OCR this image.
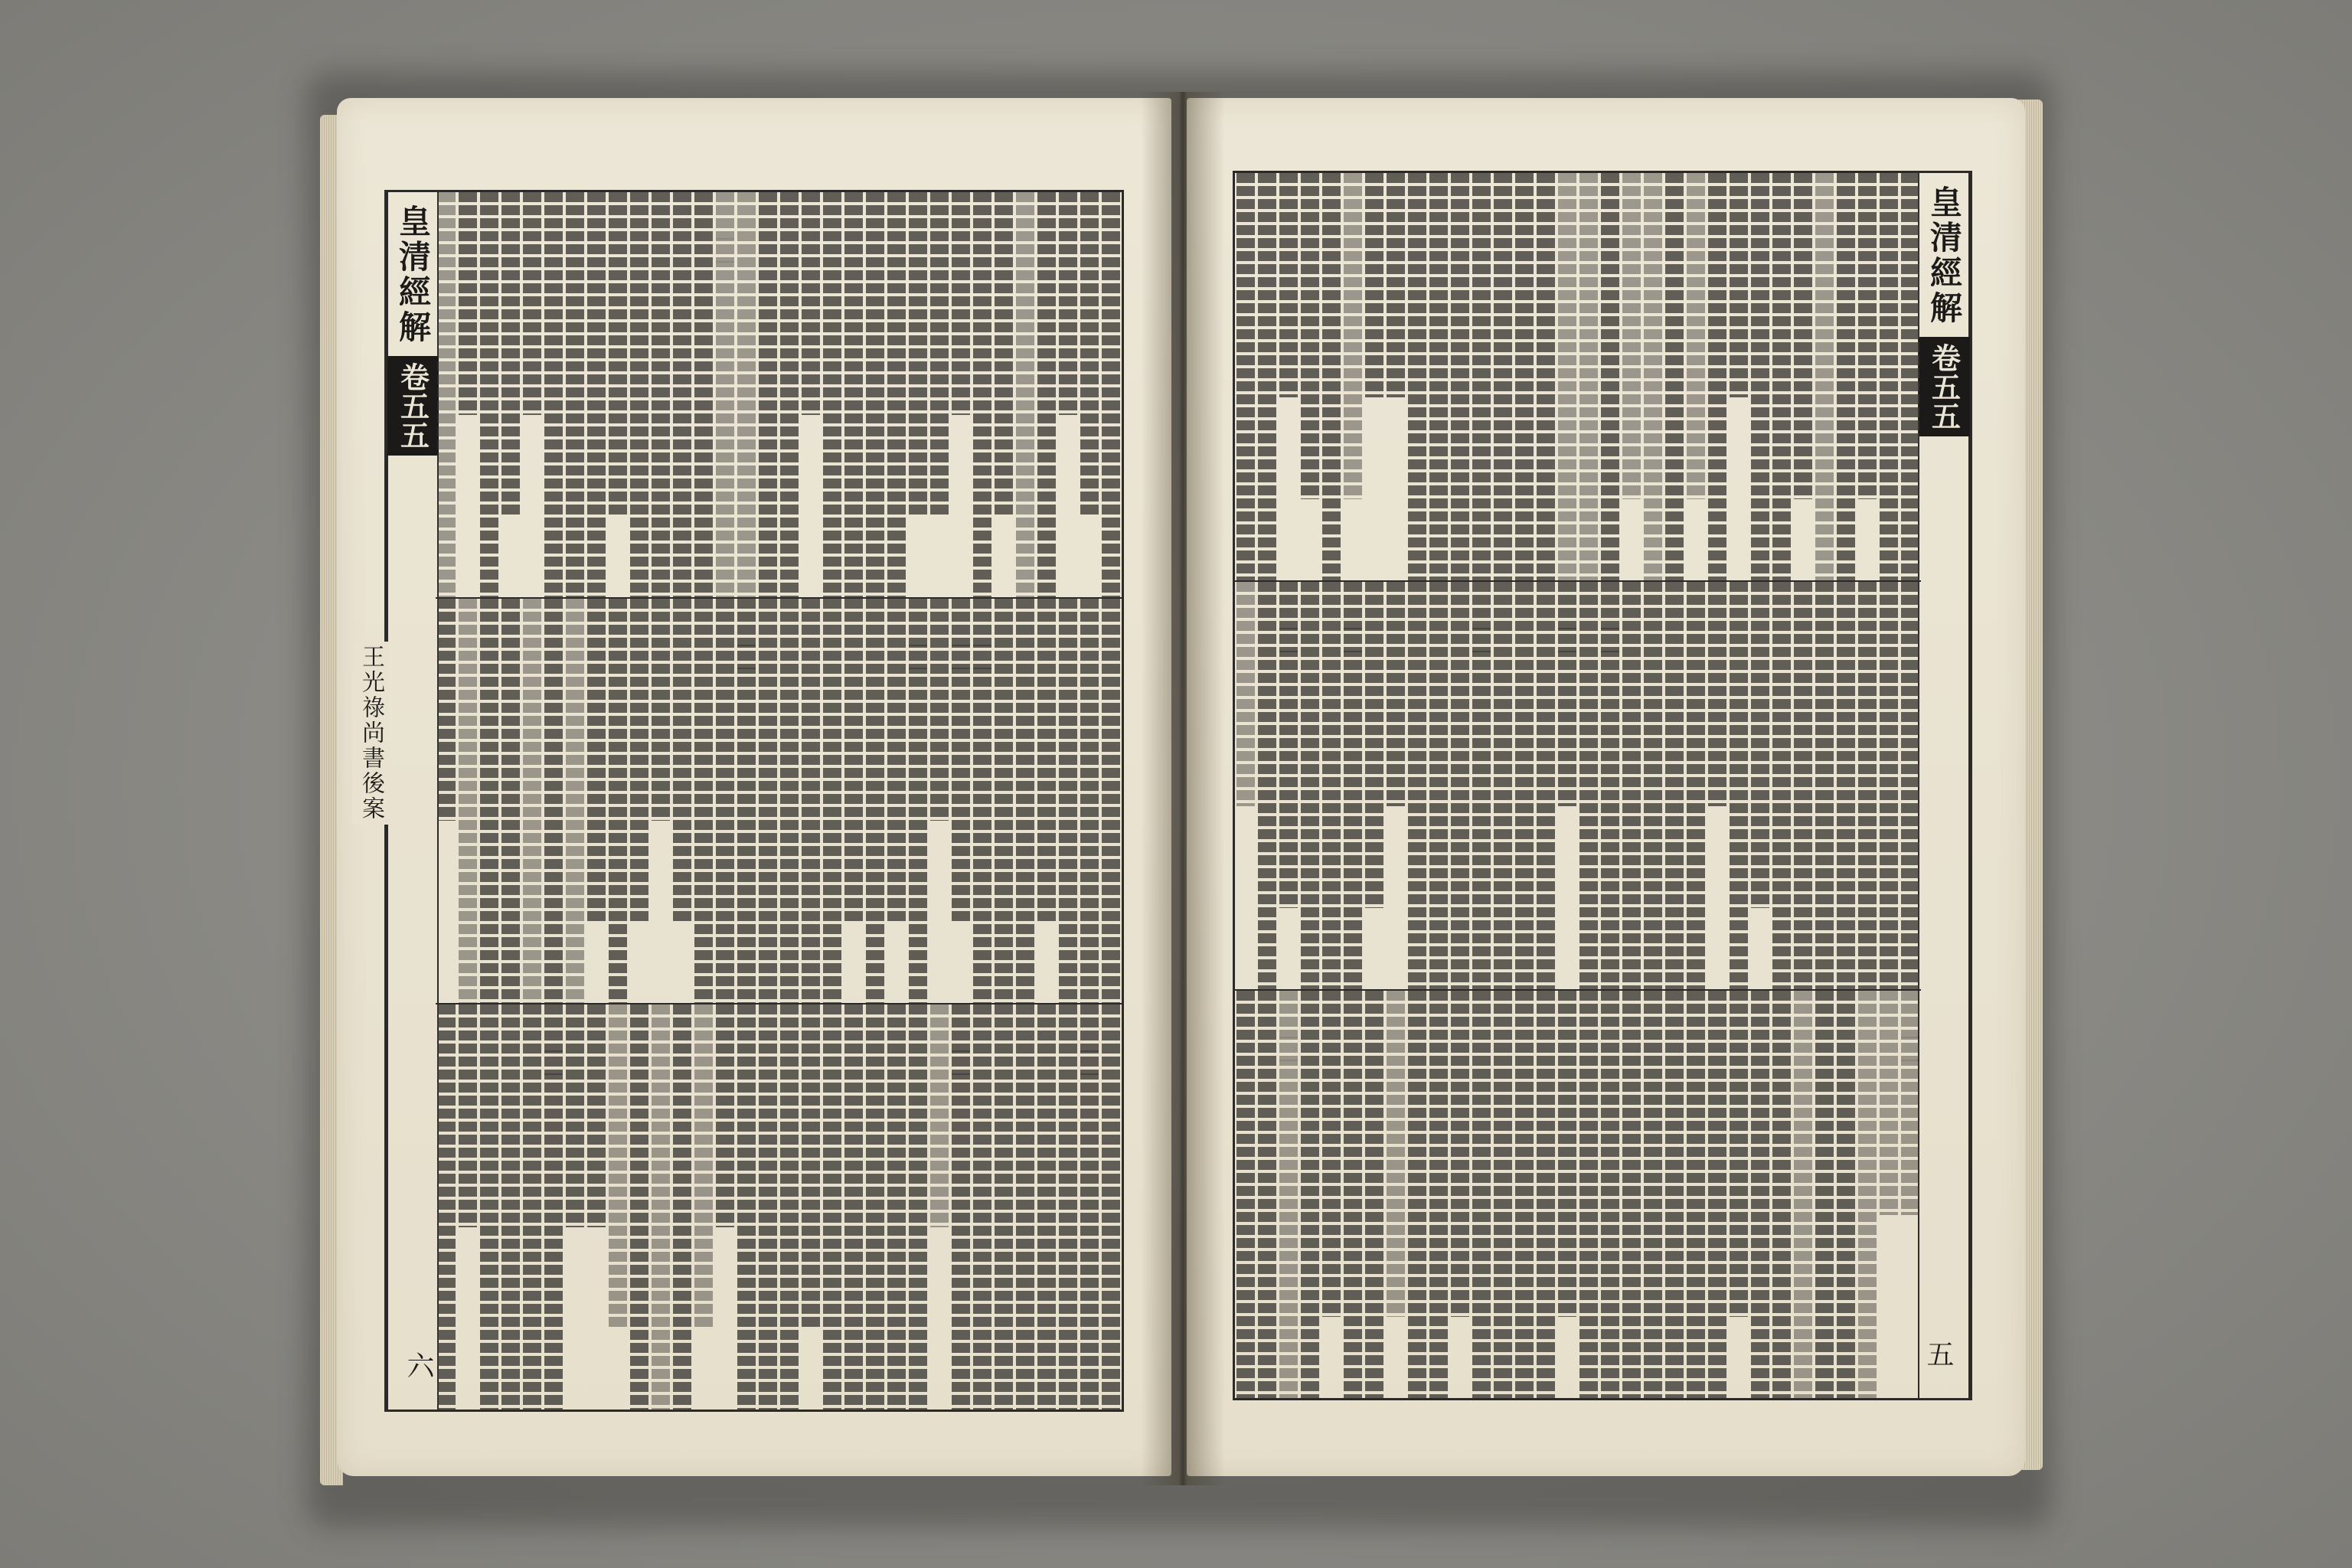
皇清經解
卷五五
六
王光祿尚書後案
皇清經解
卷五五
五
